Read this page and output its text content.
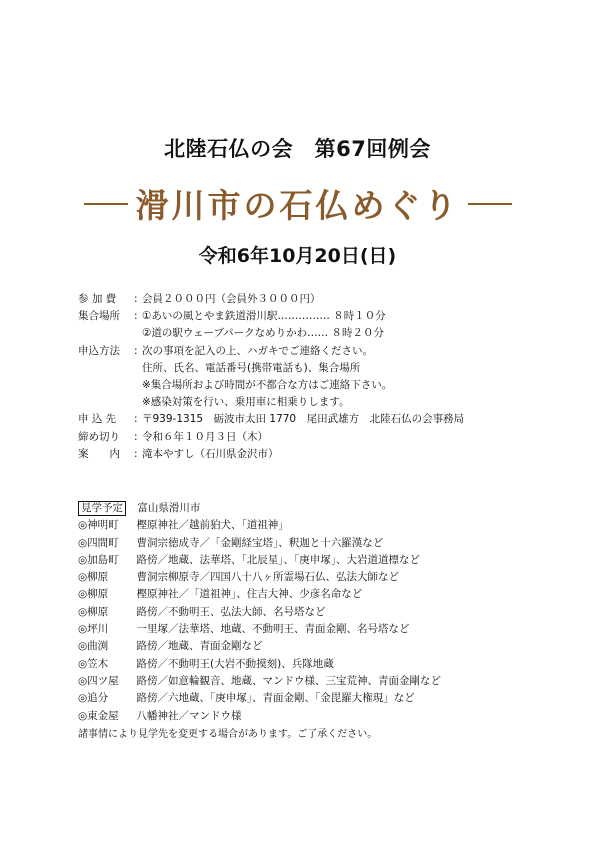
北陸石仏の会　第67回例会
滑川市の石仏めぐり
令和6年10月20日(日)
参 加 費	: 会員２０００円（会員外３０００円）
集合場所	: ①あいの風とやま鉄道滑川駅…………… ８時１０分
②道の駅ウェーブパークなめりかわ…… ８時２０分
申込方法	: 次の事項を記入の上、ハガキでご連絡ください。
住所、氏名、電話番号(携帯電話も)、集合場所
※集合場所および時間が不都合な方はご連絡下さい。
※感染対策を行い、乗用車に相乗りします。
申 込 先	: 〒939-1315　砺波市太田 1770　尾田武雄方　北陸石仏の会事務局
締め切り	: 令和６年１０月３日（木）
案　　内	: 滝本やすし（石川県金沢市）
見学予定 富山県滑川市
◎神明町　 樫原神社／越前狛犬、「道祖神」
◎四間町　 曹洞宗徳成寺／「金剛経宝塔」、釈迦と十六羅漢など
◎加島町　 路傍／地蔵、法華塔、「北辰星」、「庚申塚」、大岩道道標など
◎柳原　	曹洞宗柳原寺／四国八十八ヶ所霊場石仏、弘法大師など
◎柳原　	樫原神社／「道祖神」、住吉大神、少彦名命など
◎柳原　	路傍／不動明王、弘法大師、名号塔など
◎坪川　	一里塚／法華塔、地蔵、不動明王、青面金剛、名号塔など
◎曲渕　	路傍／地蔵、青面金剛など
◎笠木　	路傍／不動明王(大岩不動摸刻)、兵隊地蔵
◎四ツ屋　 路傍／如意輪観音、地蔵、マンドウ様、三宝荒神、青面金剛など
◎追分　	路傍／六地蔵、「庚申塚」、青面金剛、「金毘羅大権現」など
◎東金屋　 八幡神社／マンドウ様
諸事情により見学先を変更する場合があります。ご了承ください。
